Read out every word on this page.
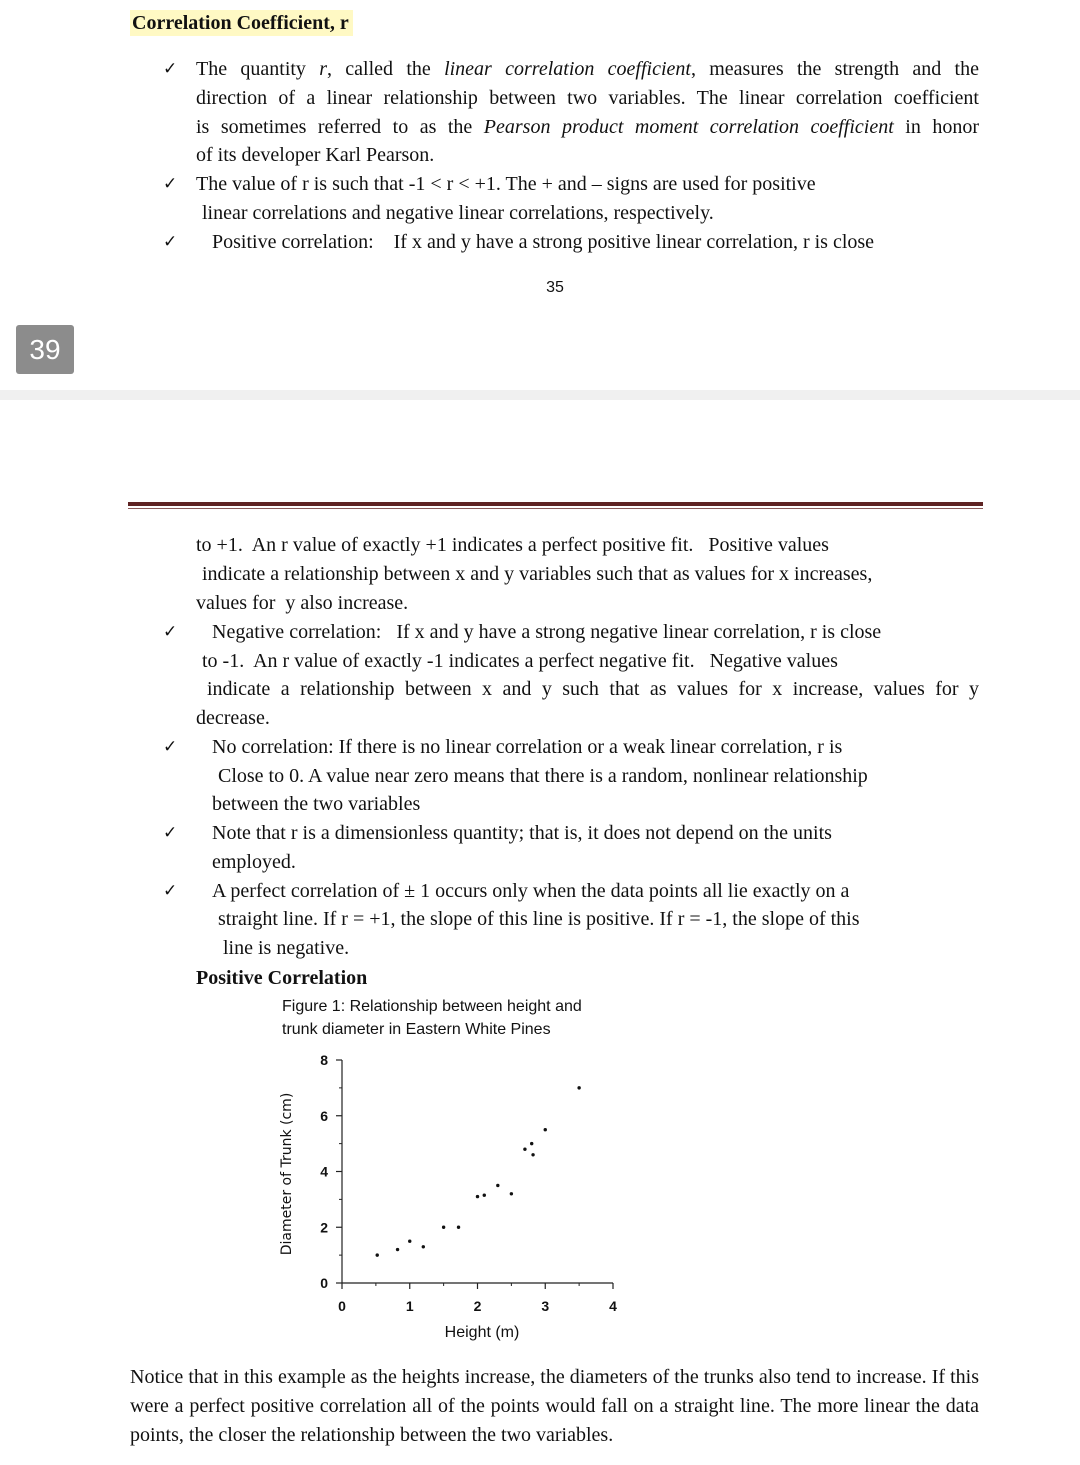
Correlation Coefficient, r
✓ The quantity r, called the linear correlation coefficient, measures the strength and the
direction of a linear relationship between two variables. The linear correlation coefficient
is sometimes referred to as the Pearson product moment correlation coefficient in honor
of its developer Karl Pearson.
✓ The value of r is such that -1 < r < +1. The + and – signs are used for positive
linear correlations and negative linear correlations, respectively.
✓ Positive correlation:    If x and y have a strong positive linear correlation, r is close
35
39
to +1.  An r value of exactly +1 indicates a perfect positive fit.   Positive values
indicate a relationship between x and y variables such that as values for x increases,
values for  y also increase.
✓ Negative correlation:   If x and y have a strong negative linear correlation, r is close
to -1.  An r value of exactly -1 indicates a perfect negative fit.   Negative values
indicate a relationship between x and y such that as values for x increase, values for y
decrease.
✓ No correlation: If there is no linear correlation or a weak linear correlation, r is
Close to 0. A value near zero means that there is a random, nonlinear relationship
between the two variables
✓ Note that r is a dimensionless quantity; that is, it does not depend on the units
employed.
✓ A perfect correlation of ± 1 occurs only when the data points all lie exactly on a
straight line. If r = +1, the slope of this line is positive. If r = -1, the slope of this
line is negative.
Positive Correlation
Figure 1: Relationship between height and
trunk diameter in Eastern White Pines
0	1	2	3	4
0
2
4
6
8
Height (m)
Diameter of Trunk (cm)
Notice that in this example as the heights increase, the diameters of the trunks also tend to increase. If this were a perfect positive correlation all of the points would fall on a straight line. The more linear the data points, the closer the relationship between the two variables.
